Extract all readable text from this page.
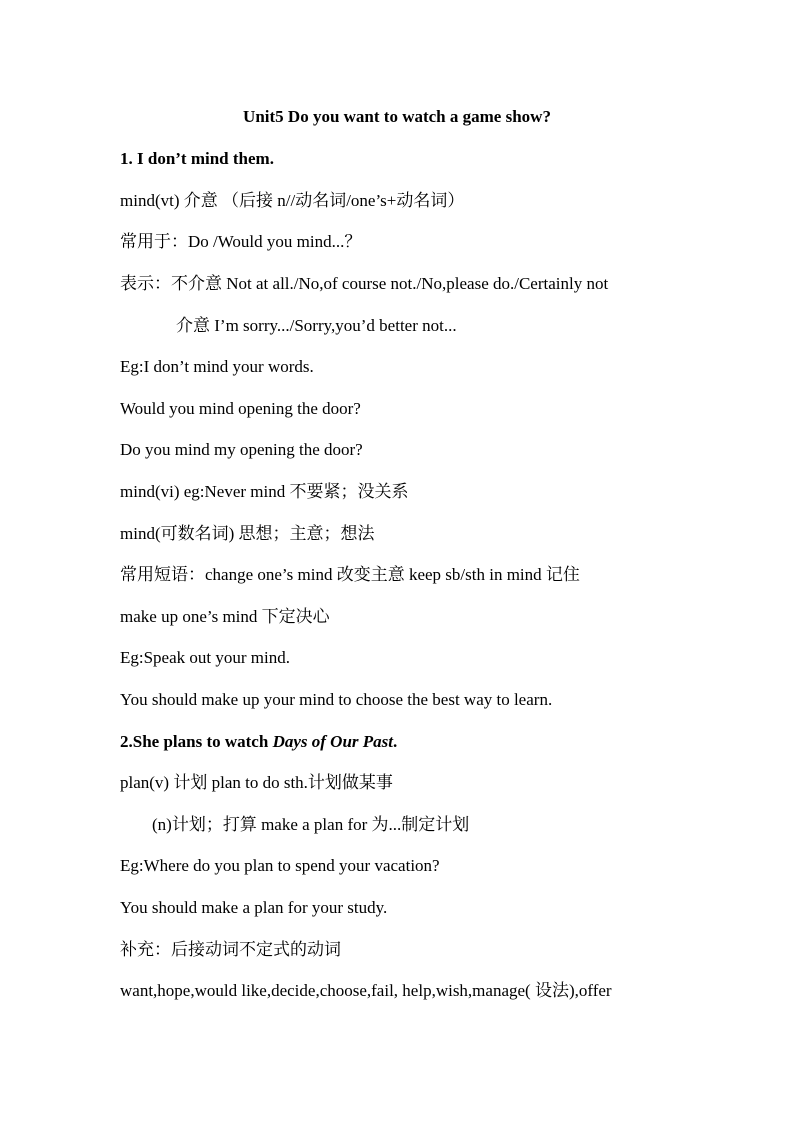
Unit5 Do you want to watch a game show?
1. I don’t mind them.
mind(vt) 介意 （后接 n//动名词/one’s+动名词）
常用于：Do /Would you mind...？
表示：不介意 Not at all./No,of course not./No,please do./Certainly not
介意 I’m sorry.../Sorry,you’d better not...
Eg:I don’t mind your words.
Would you mind opening the door?
Do you mind my opening the door?
mind(vi) eg:Never mind 不要紧；没关系
mind(可数名词) 思想；主意；想法
常用短语：change one’s mind 改变主意 keep sb/sth in mind 记住
make up one’s mind 下定决心
Eg:Speak out your mind.
You should make up your mind to choose the best way to learn.
2.She plans to watch Days of Our Past.
plan(v) 计划 plan to do sth.计划做某事
(n)计划；打算 make a plan for 为...制定计划
Eg:Where do you plan to spend your vacation?
You should make a plan for your study.
补充：后接动词不定式的动词
want,hope,would like,decide,choose,fail, help,wish,manage( 设法),offer
